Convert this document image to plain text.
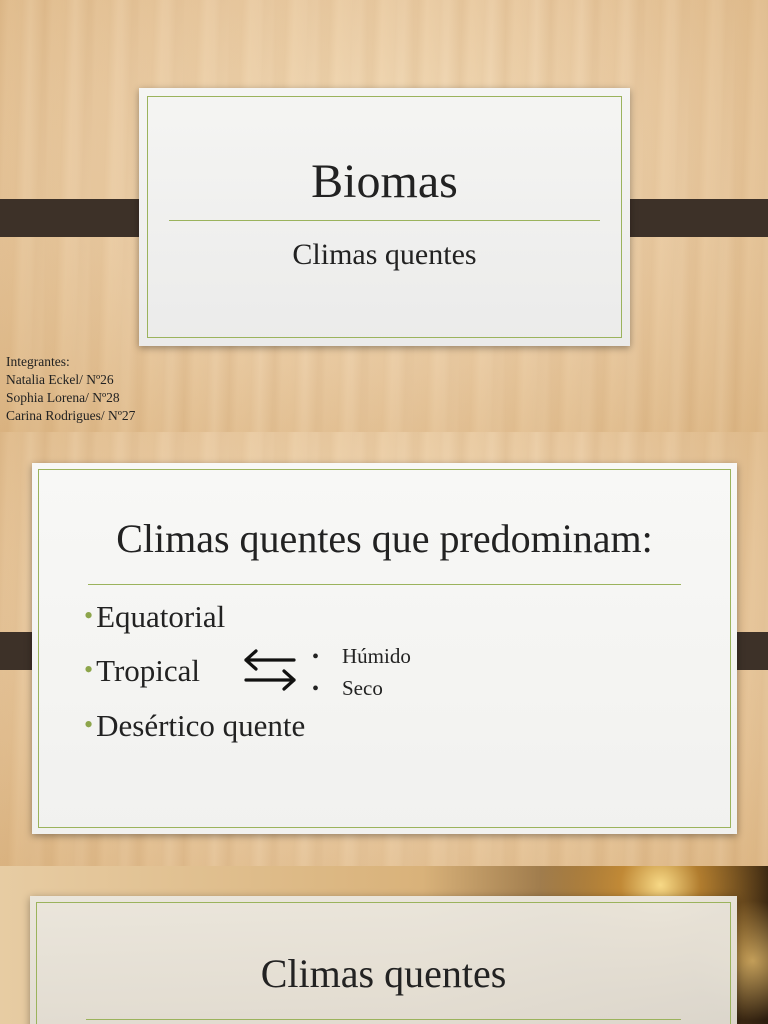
Biomas
Climas quentes
Integrantes:
Natalia Eckel/ Nº26
Sophia Lorena/ Nº28
Carina Rodrigues/ Nº27
Climas quentes que predominam:
•Equatorial
•Tropical
•Desértico quente
• Húmido
• Seco
Climas quentes
